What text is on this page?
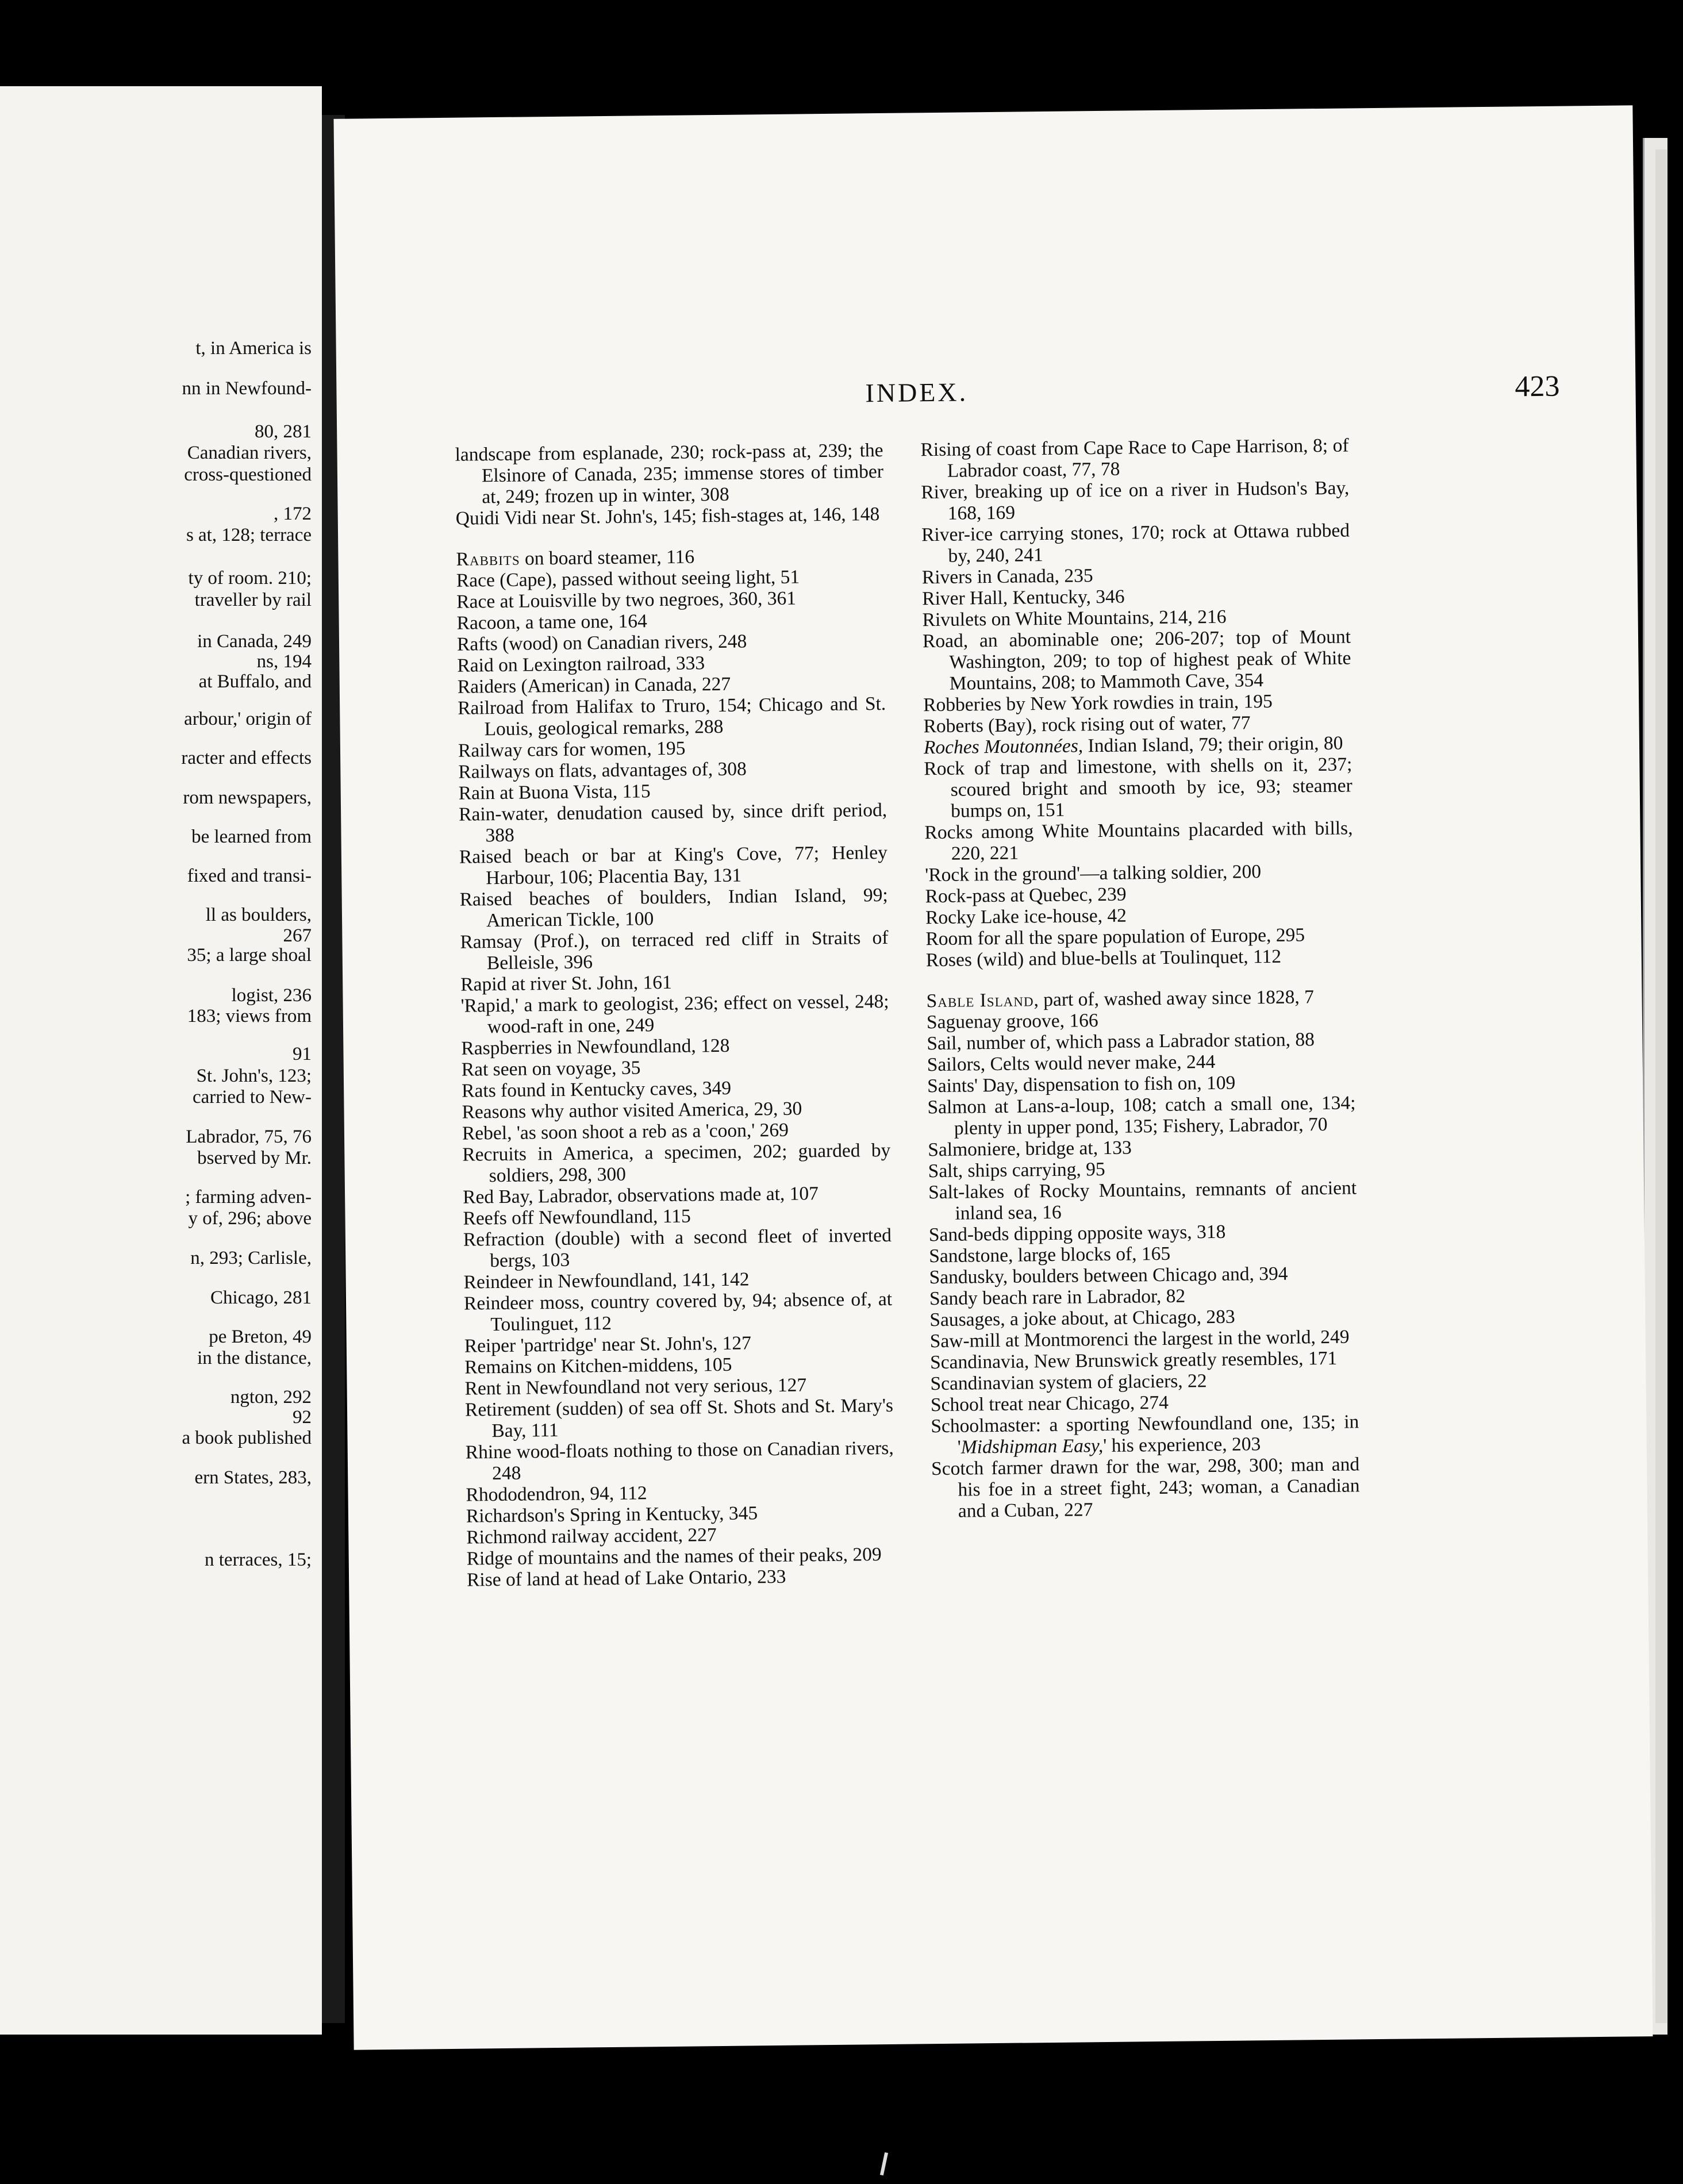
t, in America is
nn in Newfound-
80, 281
Canadian rivers,
cross-questioned
, 172
s at, 128; terrace
ty of room. 210;
traveller by rail
in Canada, 249
ns, 194
at Buffalo, and
arbour,' origin of
racter and effects
rom newspapers,
be learned from
fixed and transi-
ll as boulders,
267
35; a large shoal
logist, 236
183; views from
91
St. John's, 123;
carried to New-
Labrador, 75, 76
bserved by Mr.
; farming adven-
y of, 296; above
n, 293; Carlisle,
Chicago, 281
pe Breton, 49
in the distance,
ngton, 292
92
a book published
ern States, 283,
n terraces, 15;
INDEX.	423

landscape from esplanade, 230; rock-pass at, 239; the Elsinore of Canada, 235; immense stores of timber at, 249; frozen up in winter, 308

Quidi Vidi near St. John's, 145; fish-stages at, 146, 148

Rabbits on board steamer, 116

Race (Cape), passed without seeing light, 51

Race at Louisville by two negroes, 360, 361

Racoon, a tame one, 164

Rafts (wood) on Canadian rivers, 248

Raid on Lexington railroad, 333

Raiders (American) in Canada, 227

Railroad from Halifax to Truro, 154; Chicago and St. Louis, geological remarks, 288

Railway cars for women, 195

Railways on flats, advantages of, 308

Rain at Buona Vista, 115

Rain-water, denudation caused by, since drift period, 388

Raised beach or bar at King's Cove, 77; Henley Harbour, 106; Placentia Bay, 131

Raised beaches of boulders, Indian Island, 99; American Tickle, 100

Ramsay (Prof.), on terraced red cliff in Straits of Belleisle, 396

Rapid at river St. John, 161

'Rapid,' a mark to geologist, 236; effect on vessel, 248; wood-raft in one, 249

Raspberries in Newfoundland, 128

Rat seen on voyage, 35

Rats found in Kentucky caves, 349

Reasons why author visited America, 29, 30

Rebel, 'as soon shoot a reb as a 'coon,' 269

Recruits in America, a specimen, 202; guarded by soldiers, 298, 300

Red Bay, Labrador, observations made at, 107

Reefs off Newfoundland, 115

Refraction (double) with a second fleet of inverted bergs, 103

Reindeer in Newfoundland, 141, 142

Reindeer moss, country covered by, 94; absence of, at Toulinguet, 112

Reiper 'partridge' near St. John's, 127

Remains on Kitchen-middens, 105

Rent in Newfoundland not very serious, 127

Retirement (sudden) of sea off St. Shots and St. Mary's Bay, 111

Rhine wood-floats nothing to those on Canadian rivers, 248

Rhododendron, 94, 112

Richardson's Spring in Kentucky, 345

Richmond railway accident, 227

Ridge of mountains and the names of their peaks, 209

Rise of land at head of Lake Ontario, 233

Rising of coast from Cape Race to Cape Harrison, 8; of Labrador coast, 77, 78

River, breaking up of ice on a river in Hudson's Bay, 168, 169

River-ice carrying stones, 170; rock at Ottawa rubbed by, 240, 241

Rivers in Canada, 235

River Hall, Kentucky, 346

Rivulets on White Mountains, 214, 216

Road, an abominable one; 206-207; top of Mount Washington, 209; to top of highest peak of White Mountains, 208; to Mammoth Cave, 354

Robberies by New York rowdies in train, 195

Roberts (Bay), rock rising out of water, 77

Roches Moutonnées, Indian Island, 79; their origin, 80

Rock of trap and limestone, with shells on it, 237; scoured bright and smooth by ice, 93; steamer bumps on, 151

Rocks among White Mountains placarded with bills, 220, 221

'Rock in the ground'—a talking soldier, 200

Rock-pass at Quebec, 239

Rocky Lake ice-house, 42

Room for all the spare population of Europe, 295

Roses (wild) and blue-bells at Toulinquet, 112

Sable Island, part of, washed away since 1828, 7

Saguenay groove, 166

Sail, number of, which pass a Labrador station, 88

Sailors, Celts would never make, 244

Saints' Day, dispensation to fish on, 109

Salmon at Lans-a-loup, 108; catch a small one, 134; plenty in upper pond, 135; Fishery, Labrador, 70

Salmoniere, bridge at, 133

Salt, ships carrying, 95

Salt-lakes of Rocky Mountains, remnants of ancient inland sea, 16

Sand-beds dipping opposite ways, 318

Sandstone, large blocks of, 165

Sandusky, boulders between Chicago and, 394

Sandy beach rare in Labrador, 82

Sausages, a joke about, at Chicago, 283

Saw-mill at Montmorenci the largest in the world, 249

Scandinavia, New Brunswick greatly resembles, 171

Scandinavian system of glaciers, 22

School treat near Chicago, 274

Schoolmaster: a sporting Newfoundland one, 135; in 'Midshipman Easy,' his experience, 203

Scotch farmer drawn for the war, 298, 300; man and his foe in a street fight, 243; woman, a Canadian and a Cuban, 227
